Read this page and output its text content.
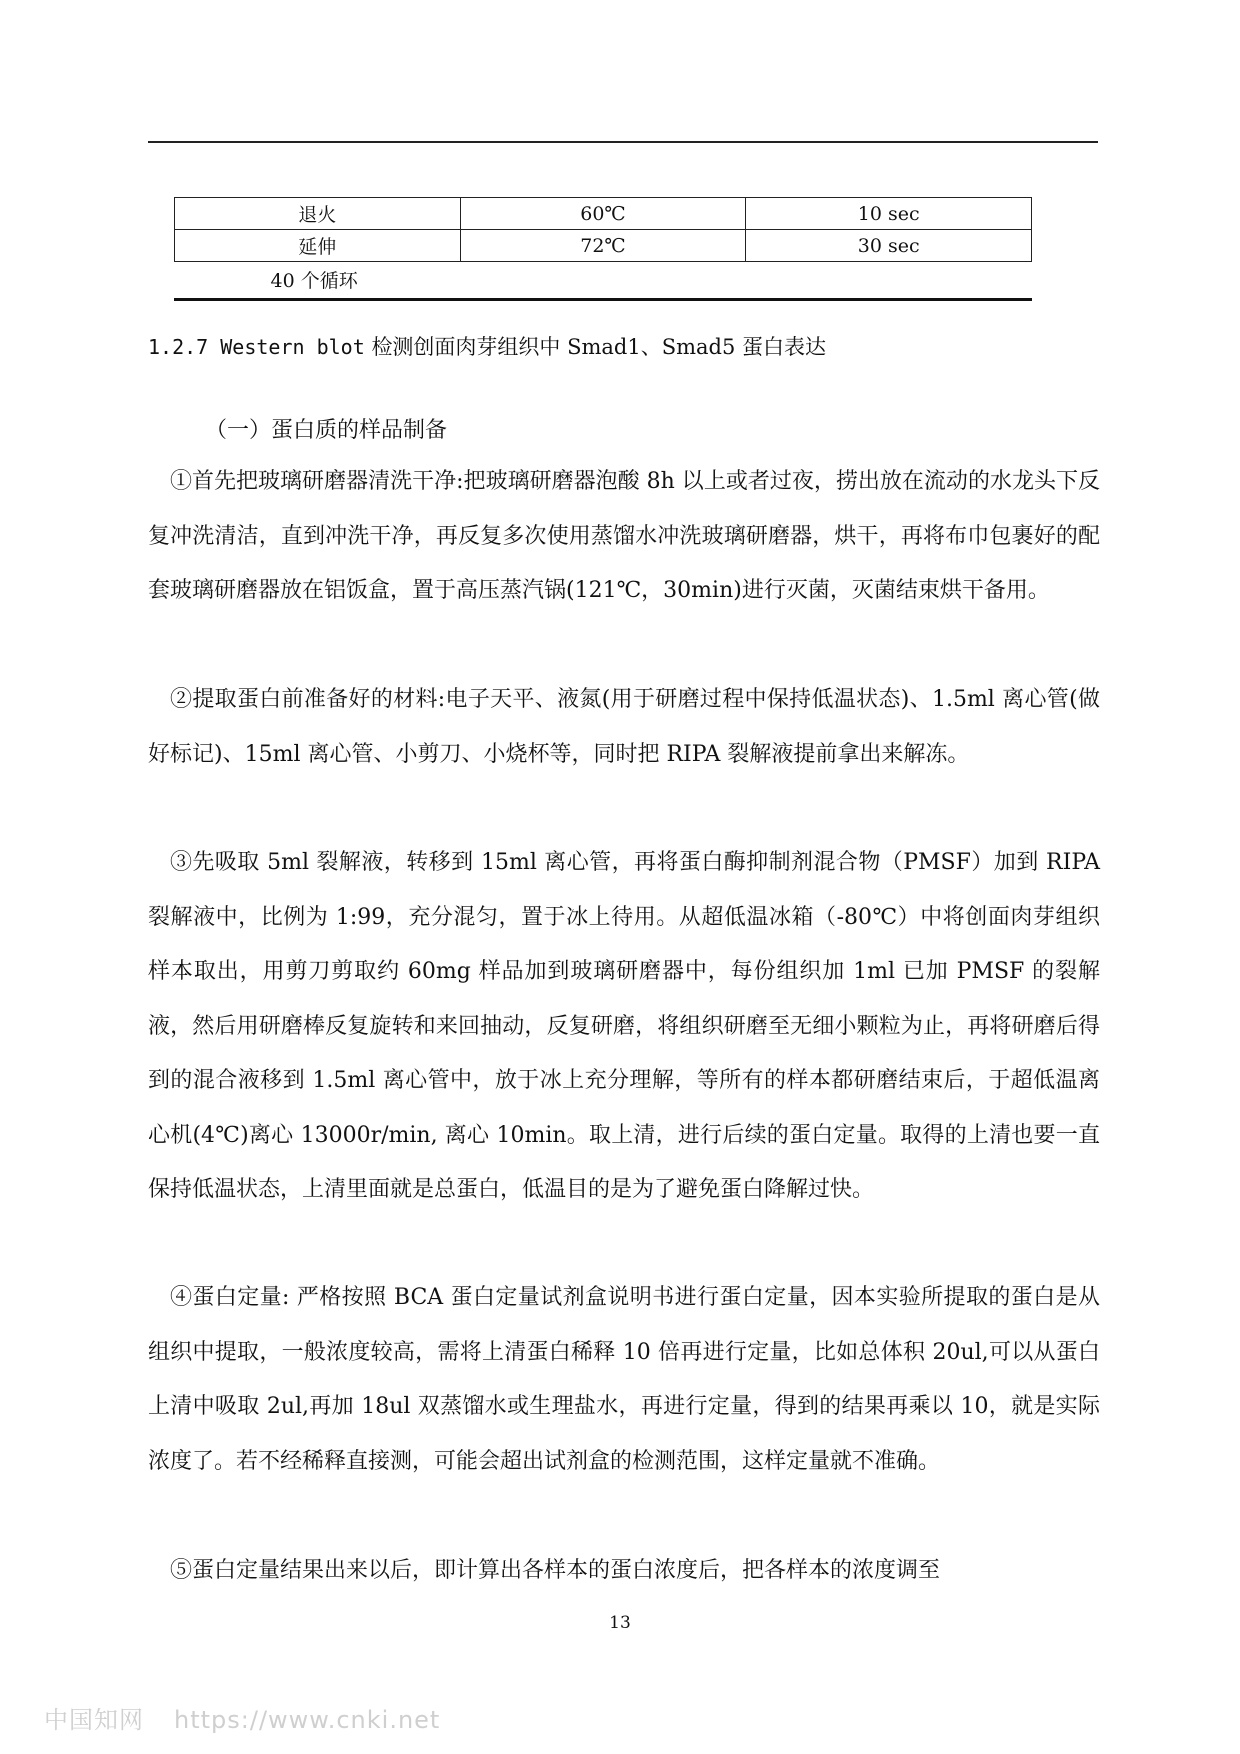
退火	60℃	10 sec
延伸	72℃	30 sec
40 个循环		
1.2.7 Western blot 检测创面肉芽组织中 Smad1、Smad5 蛋白表达
（一）蛋白质的样品制备
①首先把玻璃研磨器清洗干净:把玻璃研磨器泡酸 8h 以上或者过夜，捞出放在流动的水龙头下反复冲洗清洁，直到冲洗干净，再反复多次使用蒸馏水冲洗玻璃研磨器，烘干，再将布巾包裹好的配套玻璃研磨器放在铝饭盒，置于高压蒸汽锅(121℃，30min)进行灭菌，灭菌结束烘干备用。
②提取蛋白前准备好的材料:电子天平、液氮(用于研磨过程中保持低温状态)、1.5ml 离心管(做好标记)、15ml 离心管、小剪刀、小烧杯等，同时把 RIPA 裂解液提前拿出来解冻。
③先吸取 5ml 裂解液，转移到 15ml 离心管，再将蛋白酶抑制剂混合物（PMSF）加到 RIPA 裂解液中，比例为 1:99，充分混匀，置于冰上待用。从超低温冰箱（-80℃）中将创面肉芽组织样本取出，用剪刀剪取约 60mg 样品加到玻璃研磨器中，每份组织加 1ml 已加 PMSF 的裂解液，然后用研磨棒反复旋转和来回抽动，反复研磨，将组织研磨至无细小颗粒为止，再将研磨后得到的混合液移到 1.5ml 离心管中，放于冰上充分理解，等所有的样本都研磨结束后，于超低温离心机(4℃)离心 13000r/min, 离心 10min。取上清，进行后续的蛋白定量。取得的上清也要一直保持低温状态，上清里面就是总蛋白，低温目的是为了避免蛋白降解过快。
④蛋白定量: 严格按照 BCA 蛋白定量试剂盒说明书进行蛋白定量，因本实验所提取的蛋白是从组织中提取，一般浓度较高，需将上清蛋白稀释 10 倍再进行定量，比如总体积 20ul,可以从蛋白上清中吸取 2ul,再加 18ul 双蒸馏水或生理盐水，再进行定量，得到的结果再乘以 10，就是实际浓度了。若不经稀释直接测，可能会超出试剂盒的检测范围，这样定量就不准确。
⑤蛋白定量结果出来以后，即计算出各样本的蛋白浓度后，把各样本的浓度调至
13
中国知网 https://www.cnki.net
